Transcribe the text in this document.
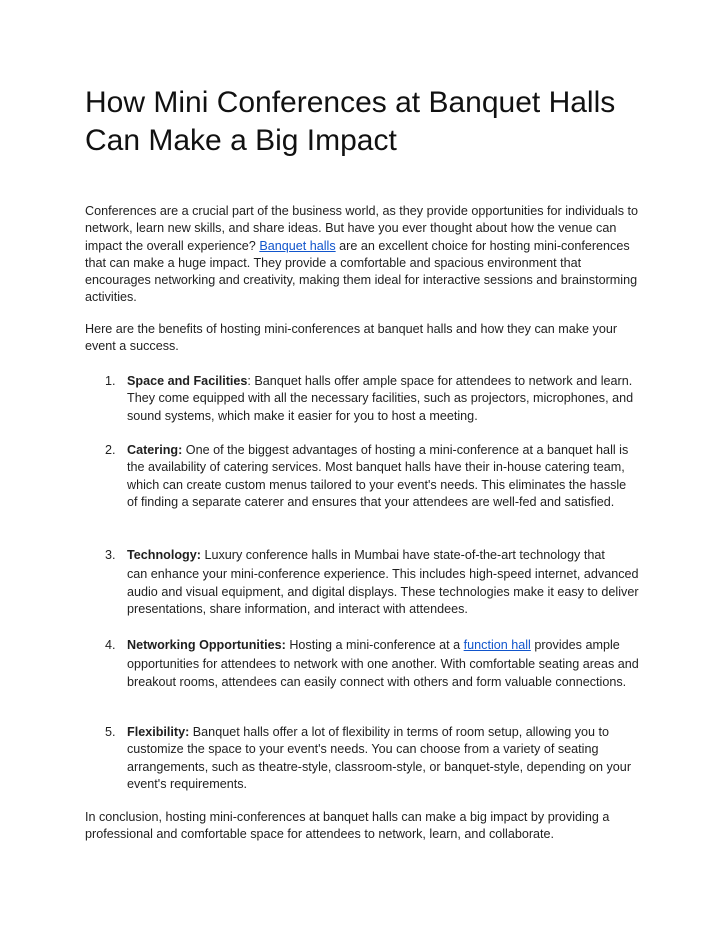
How Mini Conferences at Banquet Halls
Can Make a Big Impact

Conferences are a crucial part of the business world, as they provide opportunities for individuals to network, learn new skills, and share ideas. But have you ever thought about how the venue can impact the overall experience? Banquet halls are an excellent choice for hosting mini-conferences that can make a huge impact. They provide a comfortable and spacious environment that encourages networking and creativity, making them ideal for interactive sessions and brainstorming activities.

Here are the benefits of hosting mini-conferences at banquet halls and how they can make your event a success.

1. Space and Facilities: Banquet halls offer ample space for attendees to network and learn. They come equipped with all the necessary facilities, such as projectors, microphones, and sound systems, which make it easier for you to host a meeting.
2. Catering: One of the biggest advantages of hosting a mini-conference at a banquet hall is the availability of catering services. Most banquet halls have their in-house catering team, which can create custom menus tailored to your event's needs. This eliminates the hassle of finding a separate caterer and ensures that your attendees are well-fed and satisfied.
3. Technology: Luxury conference halls in Mumbai have state-of-the-art technology that
can enhance your mini-conference experience. This includes high-speed internet, advanced audio and visual equipment, and digital displays. These technologies make it easy to deliver presentations, share information, and interact with attendees.
4. Networking Opportunities: Hosting a mini-conference at a function hall provides ample
opportunities for attendees to network with one another. With comfortable seating areas and breakout rooms, attendees can easily connect with others and form valuable connections.
5. Flexibility: Banquet halls offer a lot of flexibility in terms of room setup, allowing you to customize the space to your event's needs. You can choose from a variety of seating arrangements, such as theatre-style, classroom-style, or banquet-style, depending on your event's requirements.

In conclusion, hosting mini-conferences at banquet halls can make a big impact by providing a professional and comfortable space for attendees to network, learn, and collaborate.
